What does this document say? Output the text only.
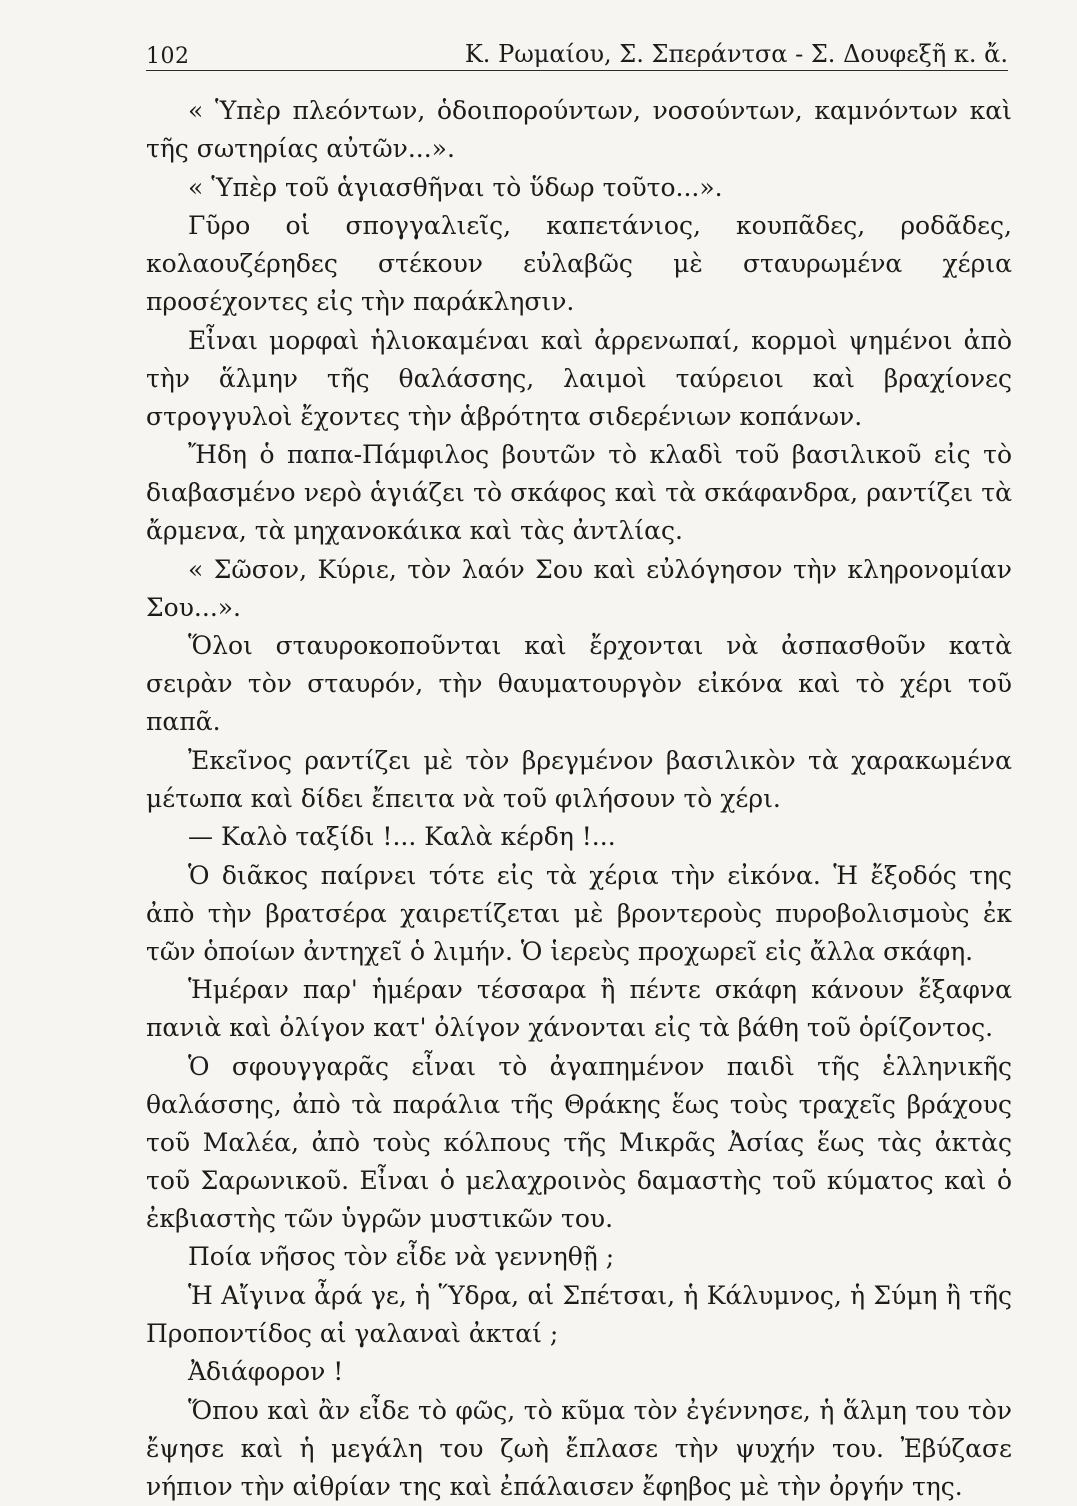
102	Κ. Ρωμαίου, Σ. Σπεράντσα - Σ. Δουφεξῆ κ. ἄ.

« Ὑπὲρ πλεόντων, ὁδοιπορούντων, νοσούντων, καμνόντων καὶ τῆς σωτηρίας αὐτῶν...».

« Ὑπὲρ τοῦ ἁγιασθῆναι τὸ ὕδωρ τοῦτο...».

Γῦρο οἱ σπογγαλιεῖς, καπετάνιος, κουπᾶδες, ροδᾶδες, κολαουζέρηδες στέκουν εὐλαβῶς μὲ σταυρωμένα χέρια προσέχοντες εἰς τὴν παράκλησιν.

Εἶναι μορφαὶ ἡλιοκαμέναι καὶ ἀρρενωπαί, κορμοὶ ψημένοι ἀπὸ τὴν ἅλμην τῆς θαλάσσης, λαιμοὶ ταύρειοι καὶ βραχίονες στρογγυλοὶ ἔχοντες τὴν ἁβρότητα σιδερένιων κοπάνων.

Ἤδη ὁ παπα-Πάμφιλος βουτῶν τὸ κλαδὶ τοῦ βασιλικοῦ εἰς τὸ διαβασμένο νερὸ ἁγιάζει τὸ σκάφος καὶ τὰ σκάφανδρα, ραντίζει τὰ ἄρμενα, τὰ μηχανοκάικα καὶ τὰς ἀντλίας.

« Σῶσον, Κύριε, τὸν λαόν Σου καὶ εὐλόγησον τὴν κληρονομίαν Σου...».

Ὅλοι σταυροκοποῦνται καὶ ἔρχονται νὰ ἀσπασθοῦν κατὰ σειρὰν τὸν σταυρόν, τὴν θαυματουργὸν εἰκόνα καὶ τὸ χέρι τοῦ παπᾶ.

Ἐκεῖνος ραντίζει μὲ τὸν βρεγμένον βασιλικὸν τὰ χαρακωμένα μέτωπα καὶ δίδει ἔπειτα νὰ τοῦ φιλήσουν τὸ χέρι.

— Καλὸ ταξίδι !... Καλὰ κέρδη !...

Ὁ διᾶκος παίρνει τότε εἰς τὰ χέρια τὴν εἰκόνα. Ἡ ἔξοδός της ἀπὸ τὴν βρατσέρα χαιρετίζεται μὲ βροντεροὺς πυροβολισμοὺς ἐκ τῶν ὁποίων ἀντηχεῖ ὁ λιμήν. Ὁ ἱερεὺς προχωρεῖ εἰς ἄλλα σκάφη.

Ἡμέραν παρ' ἡμέραν τέσσαρα ἢ πέντε σκάφη κάνουν ἔξαφνα πανιὰ καὶ ὀλίγον κατ' ὀλίγον χάνονται εἰς τὰ βάθη τοῦ ὁρίζοντος.

Ὁ σφουγγαρᾶς εἶναι τὸ ἀγαπημένον παιδὶ τῆς ἑλληνικῆς θαλάσσης, ἀπὸ τὰ παράλια τῆς Θράκης ἕως τοὺς τραχεῖς βράχους τοῦ Μαλέα, ἀπὸ τοὺς κόλπους τῆς Μικρᾶς Ἀσίας ἕως τὰς ἀκτὰς τοῦ Σαρωνικοῦ. Εἶναι ὁ μελαχροινὸς δαμαστὴς τοῦ κύματος καὶ ὁ ἐκβιαστὴς τῶν ὑγρῶν μυστικῶν του.

Ποία νῆσος τὸν εἶδε νὰ γεννηθῇ ;

Ἡ Αἴγινα ἆρά γε, ἡ Ὕδρα, αἱ Σπέτσαι, ἡ Κάλυμνος, ἡ Σύμη ἢ τῆς Προποντίδος αἱ γαλαναὶ ἀκταί ;

Ἀδιάφορον !

Ὅπου καὶ ἂν εἶδε τὸ φῶς, τὸ κῦμα τὸν ἐγέννησε, ἡ ἅλμη του τὸν ἔψησε καὶ ἡ μεγάλη του ζωὴ ἔπλασε τὴν ψυχήν του. Ἐβύζασε νήπιον τὴν αἰθρίαν της καὶ ἐπάλαισεν ἔφηβος μὲ τὴν ὀργήν της.
